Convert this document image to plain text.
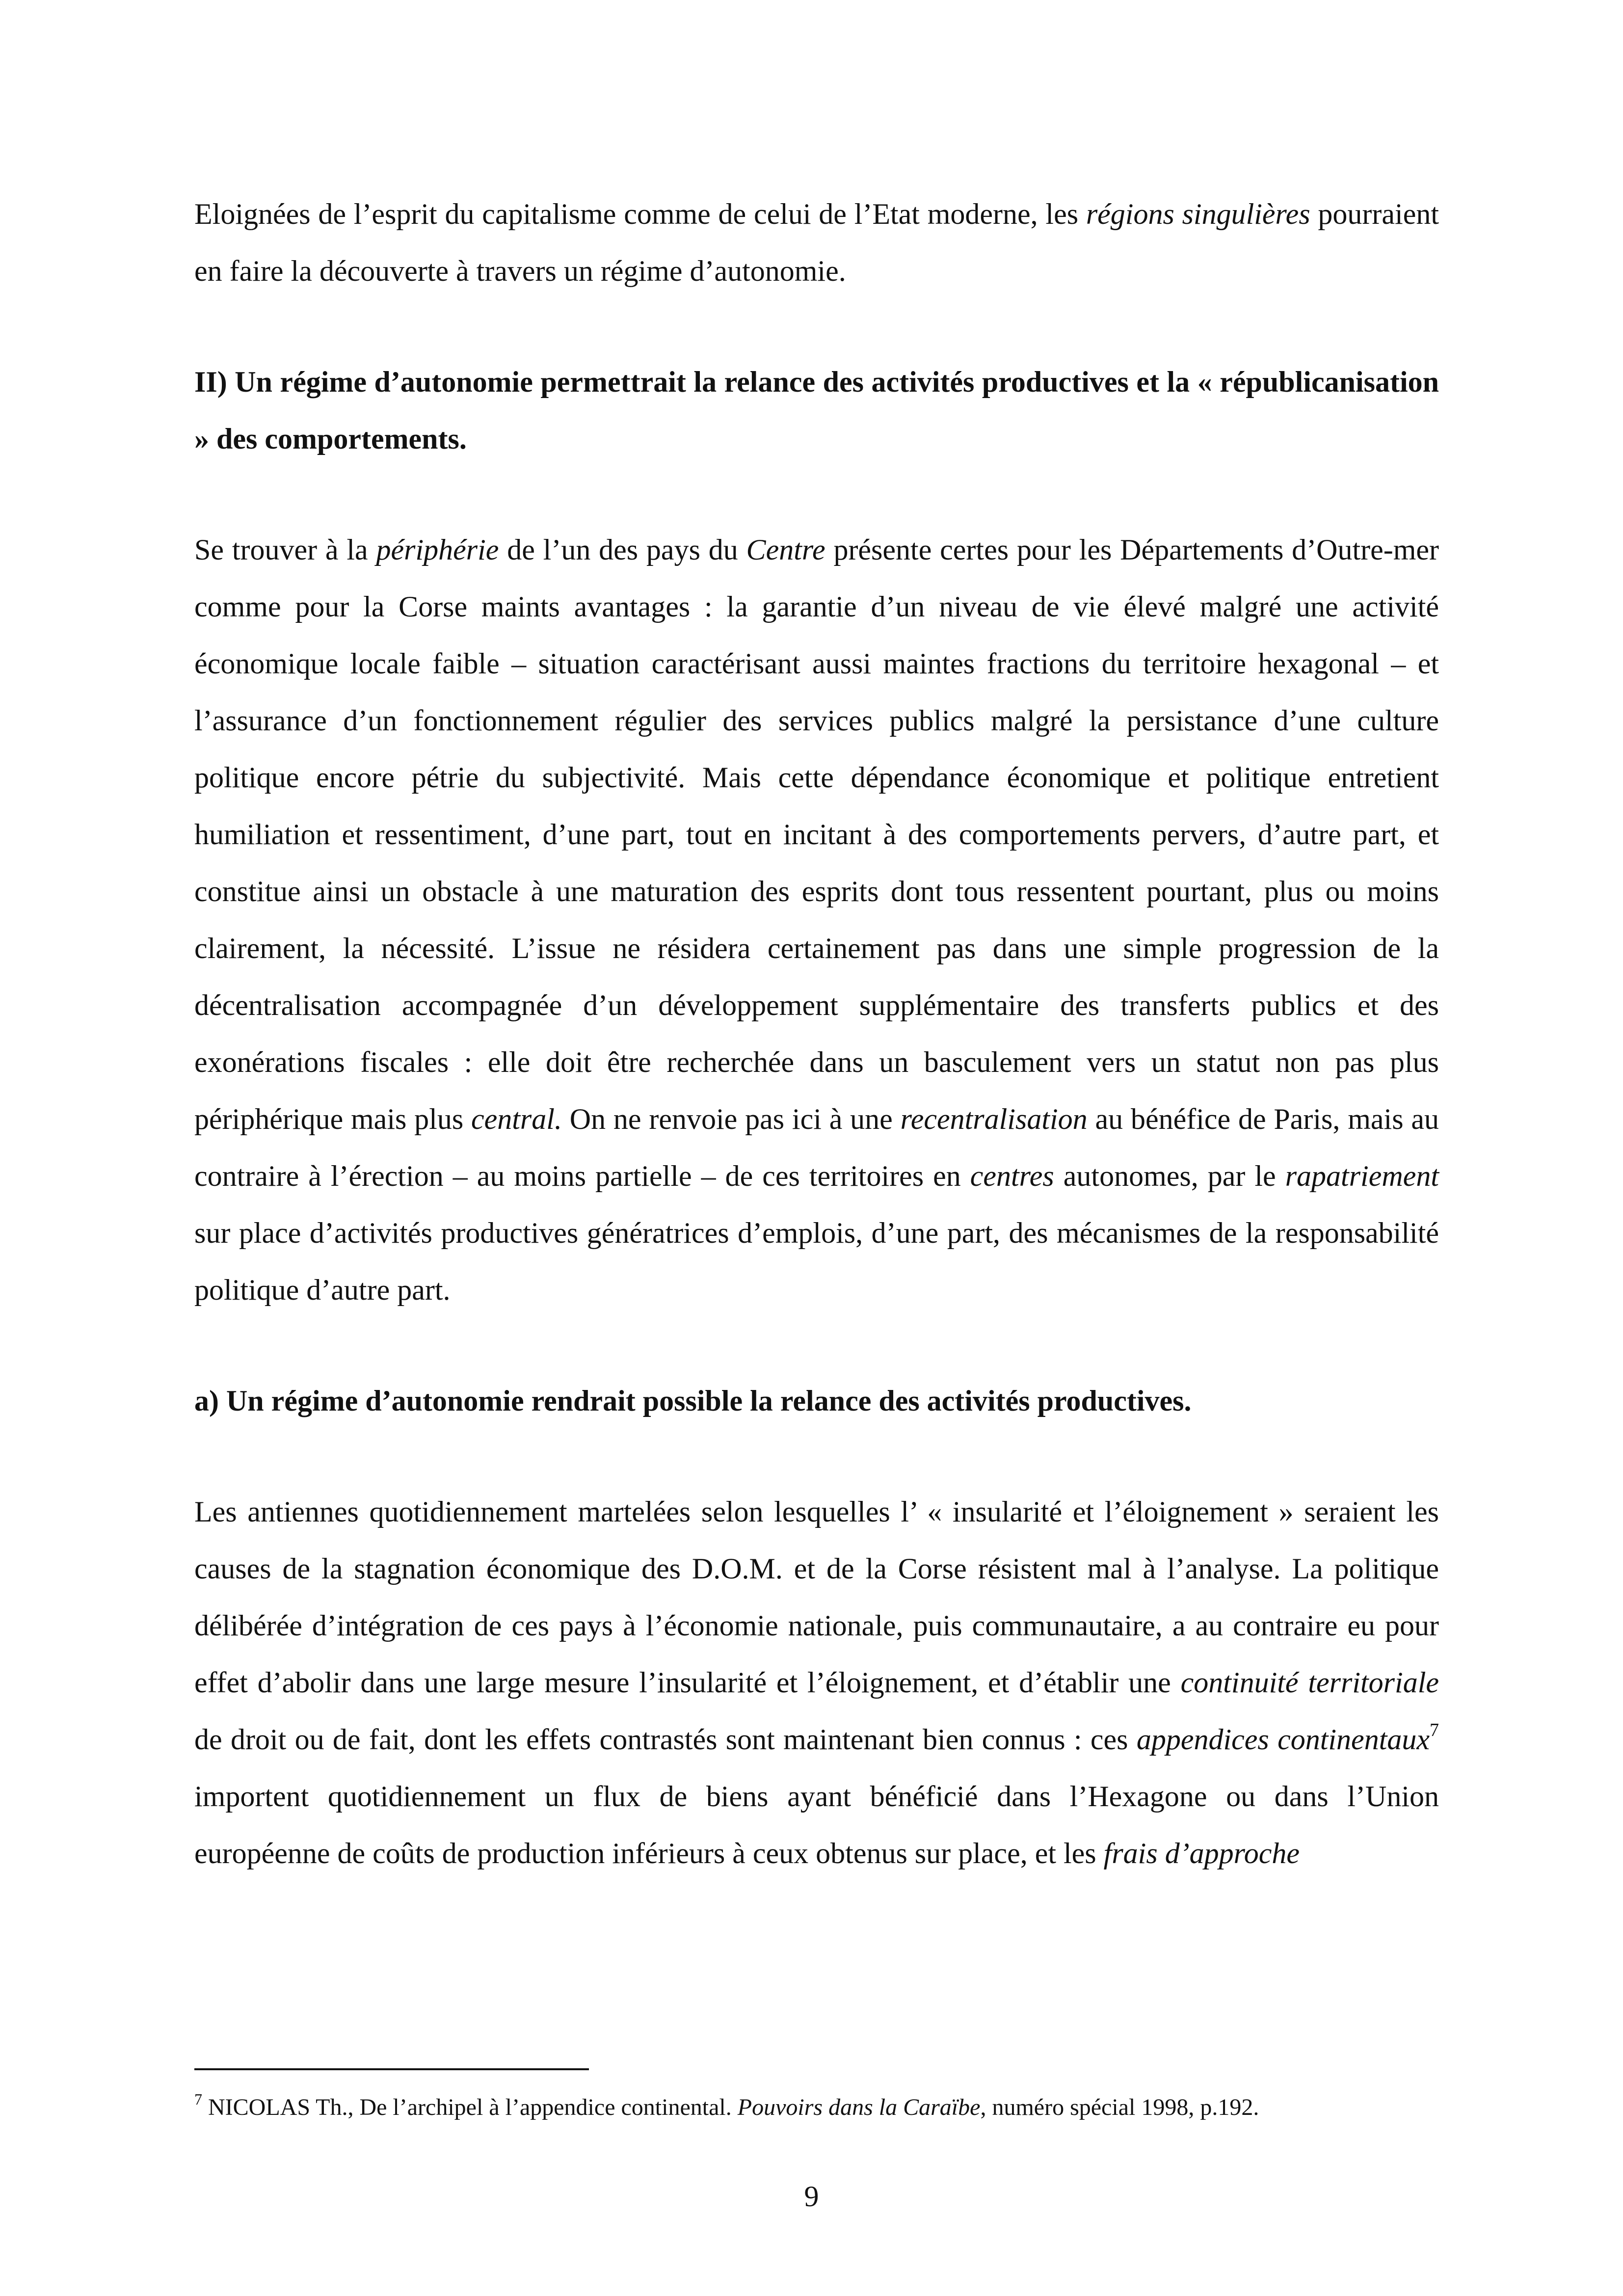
Eloignées de l’esprit du capitalisme comme de celui de l’Etat moderne, les régions singulières pourraient en faire la découverte à travers un régime d’autonomie.

II) Un régime d’autonomie permettrait la relance des activités productives et la « républicanisation » des comportements.

Se trouver à la périphérie de l’un des pays du Centre présente certes pour les Départements d’Outre-mer comme pour la Corse maints avantages : la garantie d’un niveau de vie élevé malgré une activité économique locale faible – situation caractérisant aussi maintes fractions du territoire hexagonal – et l’assurance d’un fonctionnement régulier des services publics malgré la persistance d’une culture politique encore pétrie du subjectivité. Mais cette dépendance économique et politique entretient humiliation et ressentiment, d’une part, tout en incitant à des comportements pervers, d’autre part, et constitue ainsi un obstacle à une maturation des esprits dont tous ressentent pourtant, plus ou moins clairement, la nécessité. L’issue ne résidera certainement pas dans une simple progression de la décentralisation accompagnée d’un développement supplémentaire des transferts publics et des exonérations fiscales : elle doit être recherchée dans un basculement vers un statut non pas plus périphérique mais plus central. On ne renvoie pas ici à une recentralisation au bénéfice de Paris, mais au contraire à l’érection – au moins partielle – de ces territoires en centres autonomes, par le rapatriement sur place d’activités productives génératrices d’emplois, d’une part, des mécanismes de la responsabilité politique d’autre part.

a) Un régime d’autonomie rendrait possible la relance des activités productives.

Les antiennes quotidiennement martelées selon lesquelles l’ « insularité et l’éloignement » seraient les causes de la stagnation économique des D.O.M. et de la Corse résistent mal à l’analyse. La politique délibérée d’intégration de ces pays à l’économie nationale, puis communautaire, a au contraire eu pour effet d’abolir dans une large mesure l’insularité et l’éloignement, et d’établir une continuité territoriale de droit ou de fait, dont les effets contrastés sont maintenant bien connus : ces appendices continentaux$^7$ importent quotidiennement un flux de biens ayant bénéficié dans l’Hexagone ou dans l’Union européenne de coûts de production inférieurs à ceux obtenus sur place, et les frais d’approche

$^7$ NICOLAS Th., De l’archipel à l’appendice continental. Pouvoirs dans la Caraïbe, numéro spécial 1998, p.192.
9
